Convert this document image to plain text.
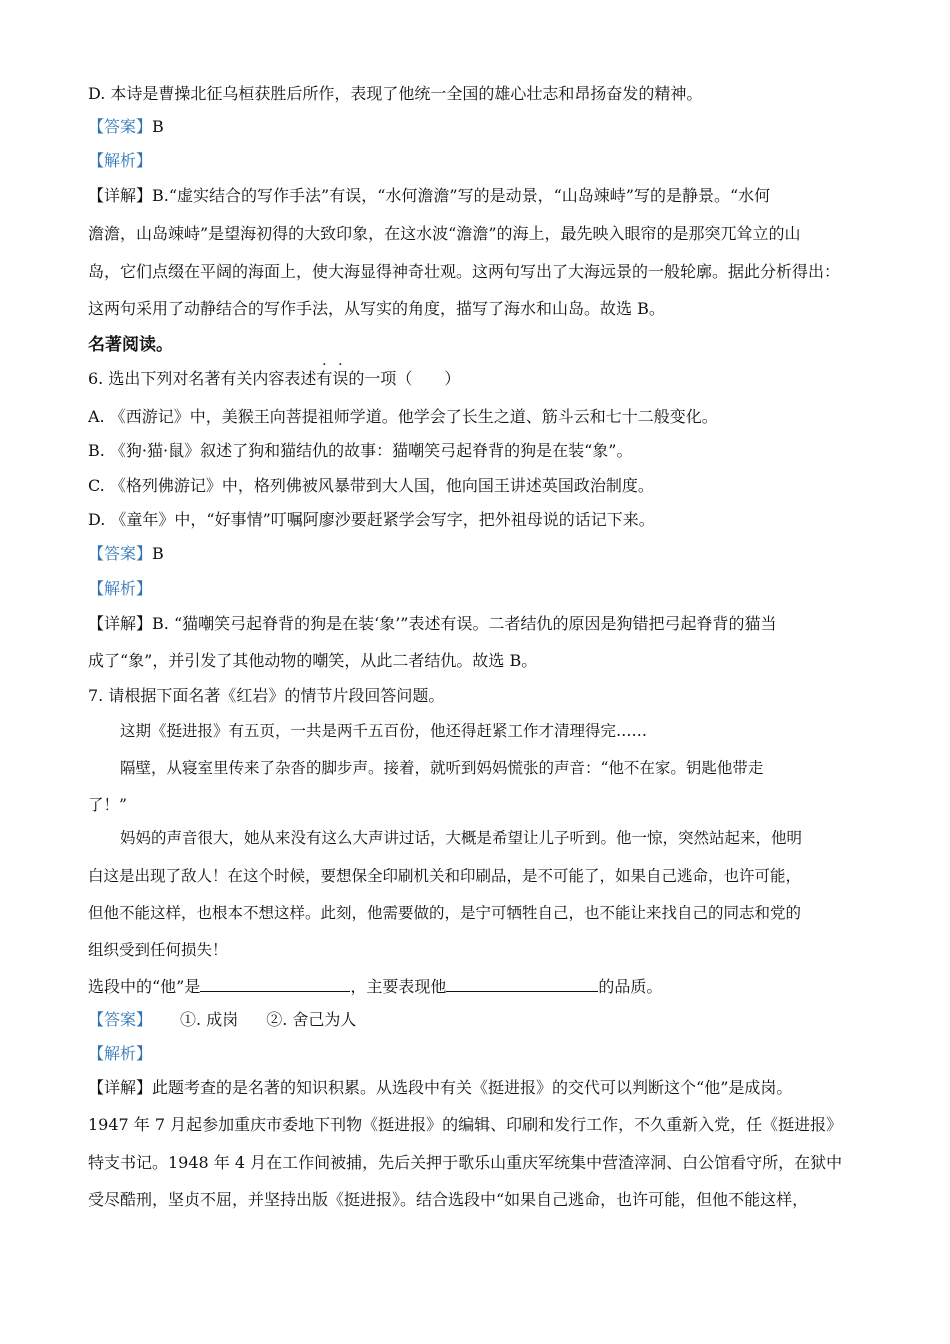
D. 本诗是曹操北征乌桓获胜后所作，表现了他统一全国的雄心壮志和昂扬奋发的精神。
【答案】B
【解析】
【详解】B.“虚实结合的写作手法”有误，“水何澹澹”写的是动景，“山岛竦峙”写的是静景。“水何
澹澹，山岛竦峙”是望海初得的大致印象，在这水波“澹澹”的海上，最先映入眼帘的是那突兀耸立的山
岛，它们点缀在平阔的海面上，使大海显得神奇壮观。这两句写出了大海远景的一般轮廓。据此分析得出：
这两句采用了动静结合的写作手法，从写实的角度，描写了海水和山岛。故选 B。
名著阅读。
6. 选出下列对名著有关内容表述有误的一项（　　）
A. 《西游记》中，美猴王向菩提祖师学道。他学会了长生之道、筋斗云和七十二般变化。
B. 《狗·猫·鼠》叙述了狗和猫结仇的故事：猫嘲笑弓起脊背的狗是在装“象”。
C. 《格列佛游记》中，格列佛被风暴带到大人国，他向国王讲述英国政治制度。
D. 《童年》中，“好事情”叮嘱阿廖沙要赶紧学会写字，把外祖母说的话记下来。
【答案】B
【解析】
【详解】B. “猫嘲笑弓起脊背的狗是在装‘象’”表述有误。二者结仇的原因是狗错把弓起脊背的猫当
成了“象”，并引发了其他动物的嘲笑，从此二者结仇。故选 B。
7. 请根据下面名著《红岩》的情节片段回答问题。
这期《挺进报》有五页，一共是两千五百份，他还得赶紧工作才清理得完……
隔壁，从寝室里传来了杂沓的脚步声。接着，就听到妈妈慌张的声音：“他不在家。钥匙他带走
了！”
妈妈的声音很大，她从来没有这么大声讲过话，大概是希望让儿子听到。他一惊，突然站起来，他明
白这是出现了敌人！在这个时候，要想保全印刷机关和印刷品，是不可能了，如果自己逃命，也许可能，
但他不能这样，也根本不想这样。此刻，他需要做的，是宁可牺牲自己，也不能让来找自己的同志和党的
组织受到任何损失！
选段中的“他”是	，主要表现他	的品质。
【答案】 ①. 成岗 ②. 舍己为人
【解析】
【详解】此题考查的是名著的知识积累。从选段中有关《挺进报》的交代可以判断这个“他”是成岗。
1947 年 7 月起参加重庆市委地下刊物《挺进报》的编辑、印刷和发行工作，不久重新入党，任《挺进报》
特支书记。1948 年 4 月在工作间被捕，先后关押于歌乐山重庆军统集中营渣滓洞、白公馆看守所，在狱中
受尽酷刑，坚贞不屈，并坚持出版《挺进报》。结合选段中“如果自己逃命，也许可能，但他不能这样，
